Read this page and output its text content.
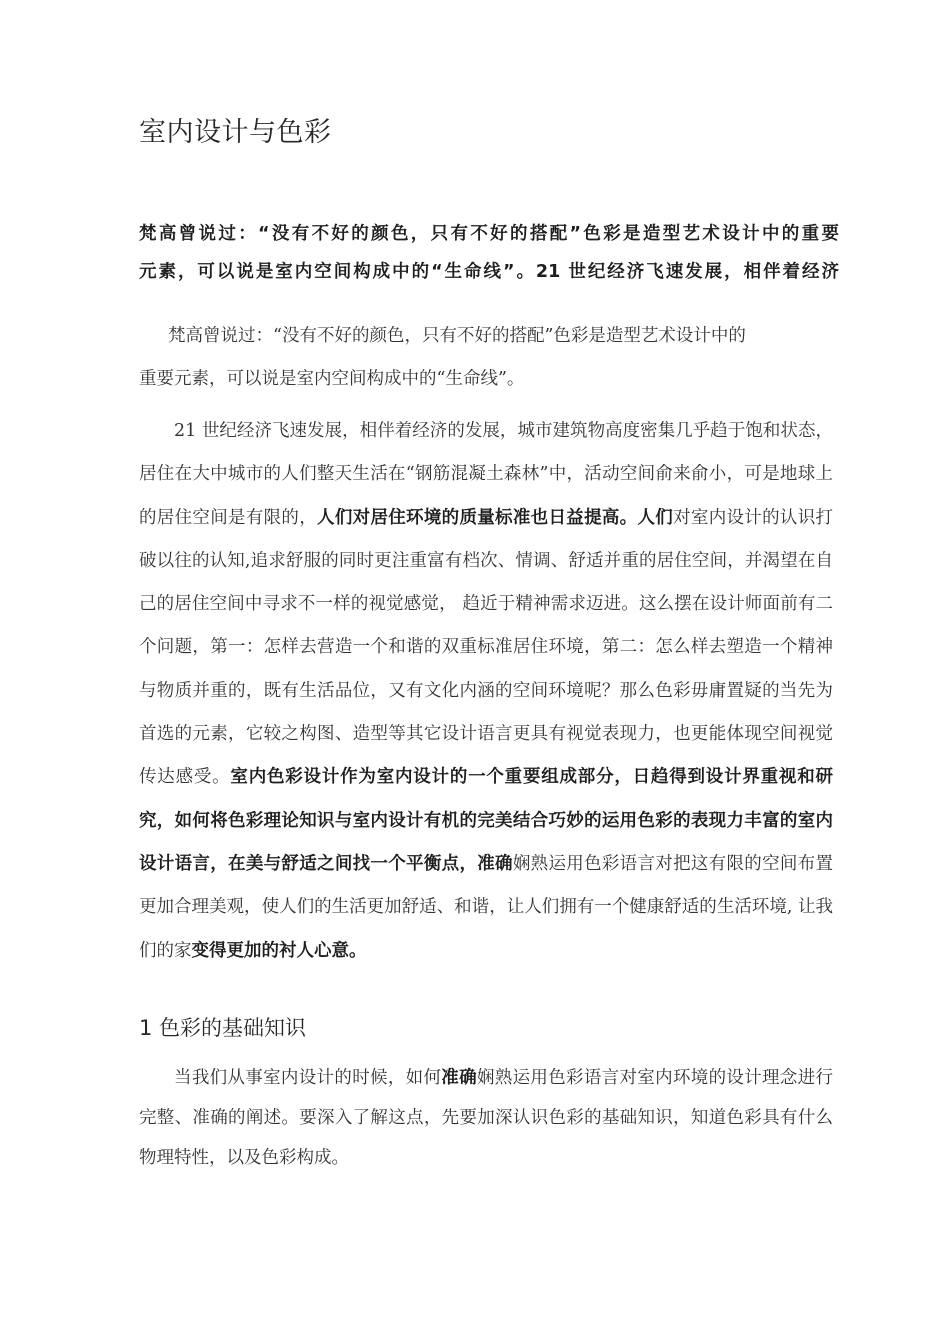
室内设计与色彩

梵高曾说过：“没有不好的颜色，只有不好的搭配”色彩是造型艺术设计中的重要
元素，可以说是室内空间构成中的“生命线”。21 世纪经济飞速发展，相伴着经济

梵高曾说过：“没有不好的颜色，只有不好的搭配”色彩是造型艺术设计中的
重要元素，可以说是室内空间构成中的“生命线”。

21 世纪经济飞速发展，相伴着经济的发展，城市建筑物高度密集几乎趋于饱和状态，居住在大中城市的人们整天生活在“钢筋混凝土森林”中，活动空间俞来俞小，可是地球上的居住空间是有限的，人们对居住环境的质量标准也日益提高。人们对室内设计的认识打破以往的认知,追求舒服的同时更注重富有档次、情调、舒适并重的居住空间，并渴望在自己的居住空间中寻求不一样的视觉感觉， 趋近于精神需求迈进。这么摆在设计师面前有二个问题，第一：怎样去营造一个和谐的双重标准居住环境，第二：怎么样去塑造一个精神与物质并重的，既有生活品位，又有文化内涵的空间环境呢？那么色彩毋庸置疑的当先为首选的元素，它较之构图、造型等其它设计语言更具有视觉表现力，也更能体现空间视觉传达感受。室内色彩设计作为室内设计的一个重要组成部分，日趋得到设计界重视和研究，如何将色彩理论知识与室内设计有机的完美结合巧妙的运用色彩的表现力丰富的室内设计语言，在美与舒适之间找一个平衡点，准确娴熟运用色彩语言对把这有限的空间布置更加合理美观，使人们的生活更加舒适、和谐，让人们拥有一个健康舒适的生活环境, 让我们的家变得更加的衬人心意。

1 色彩的基础知识

当我们从事室内设计的时候，如何准确娴熟运用色彩语言对室内环境的设计理念进行完整、准确的阐述。要深入了解这点，先要加深认识色彩的基础知识，知道色彩具有什么物理特性，以及色彩构成。
